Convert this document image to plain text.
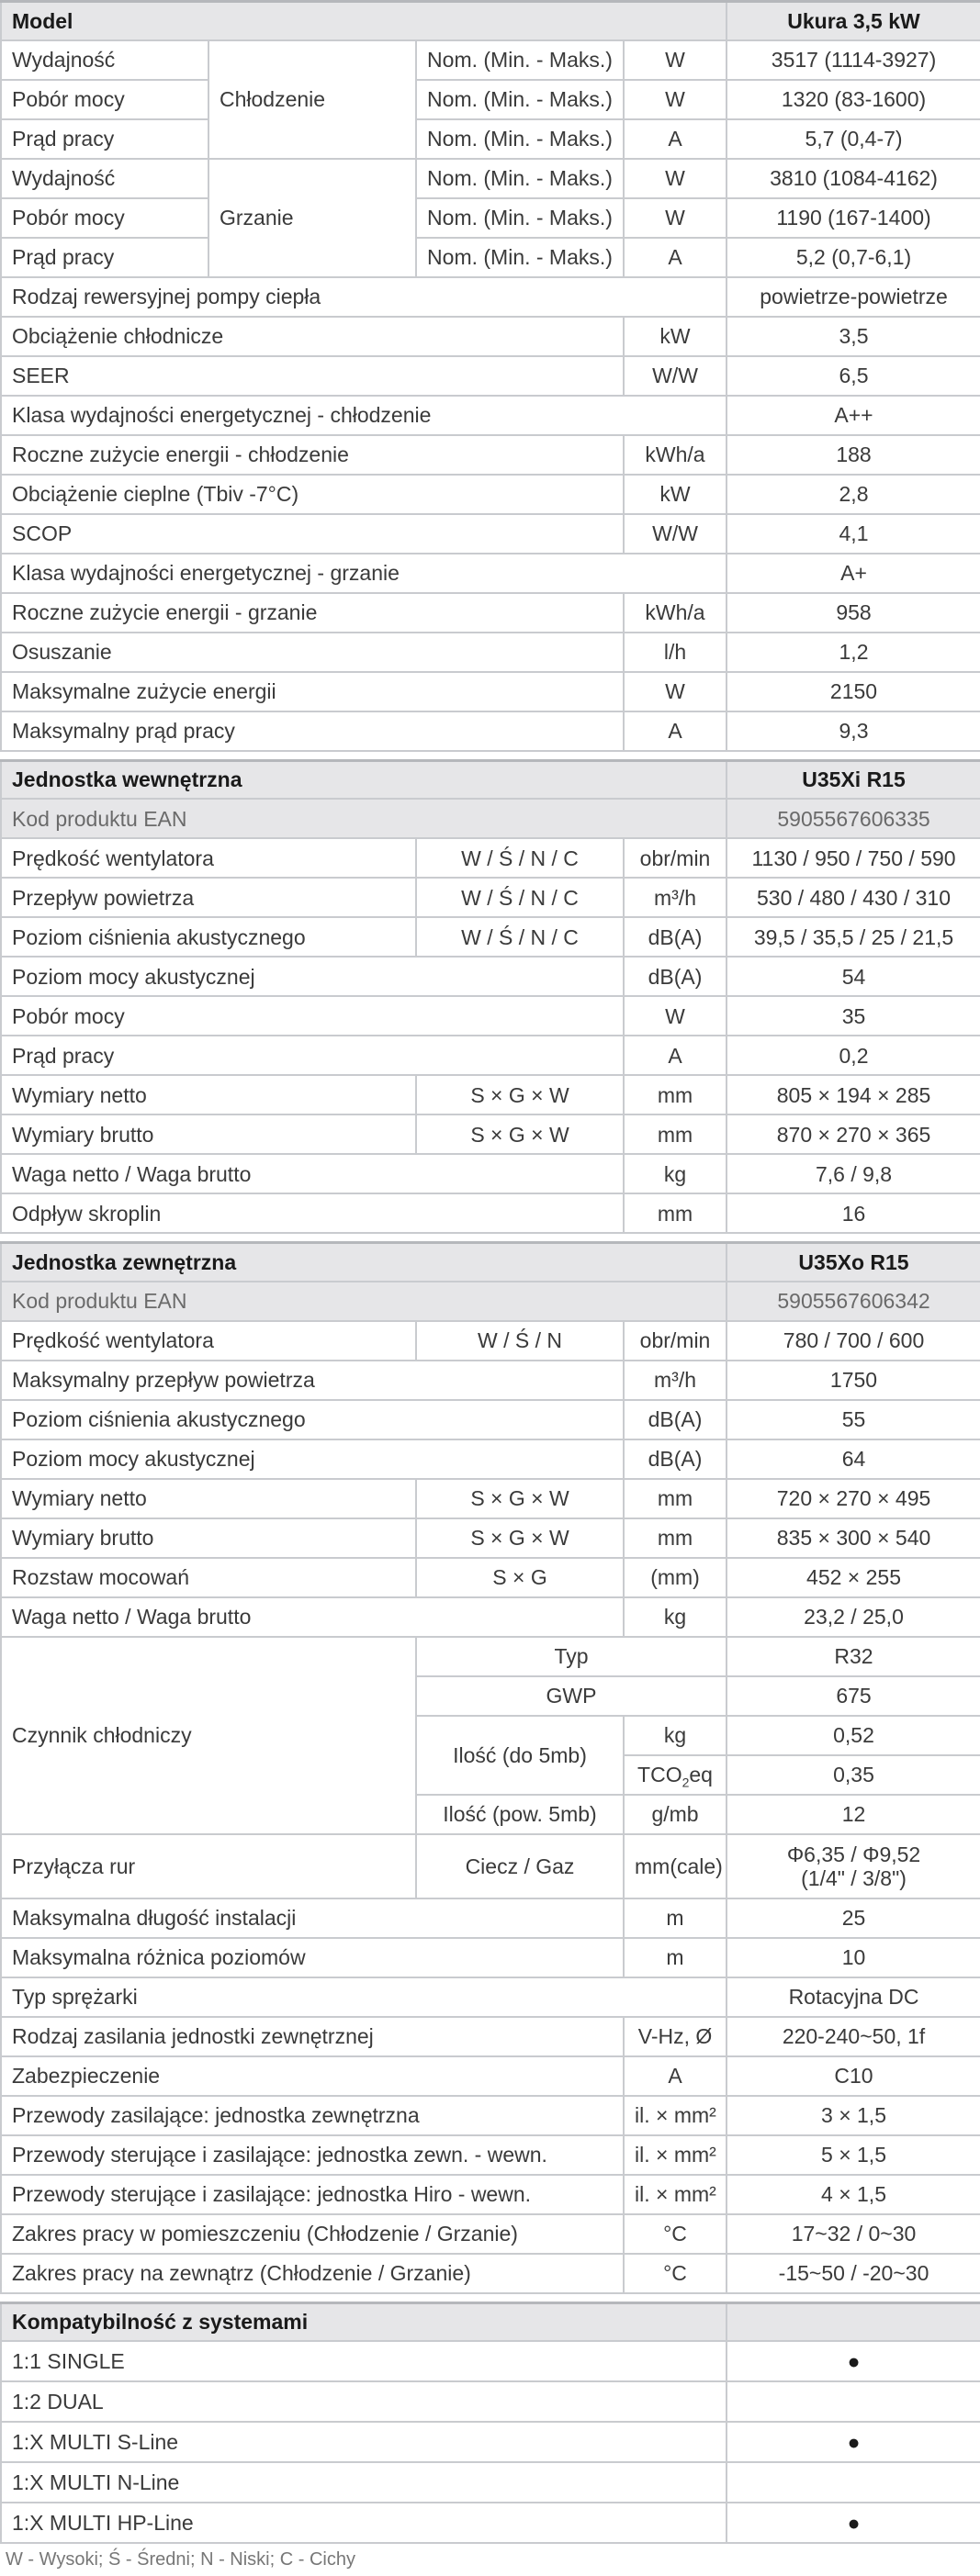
Model				Ukura 3,5 kW
Wydajność	Chłodzenie	Nom. (Min. - Maks.)	W	3517 (1114-3927)
Pobór mocy		Nom. (Min. - Maks.)	W	1320 (83-1600)
Prąd pracy		Nom. (Min. - Maks.)	A	5,7 (0,4-7)
Wydajność	Grzanie	Nom. (Min. - Maks.)	W	3810 (1084-4162)
Pobór mocy		Nom. (Min. - Maks.)	W	1190 (167-1400)
Prąd pracy		Nom. (Min. - Maks.)	A	5,2 (0,7-6,1)
Rodzaj rewersyjnej pompy ciepła				powietrze-powietrze
Obciążenie chłodnicze			kW	3,5
SEER			W/W	6,5
Klasa wydajności energetycznej - chłodzenie				A++
Roczne zużycie energii - chłodzenie			kWh/a	188
Obciążenie cieplne (Tbiv -7°C)			kW	2,8
SCOP			W/W	4,1
Klasa wydajności energetycznej - grzanie				A+
Roczne zużycie energii - grzanie			kWh/a	958
Osuszanie			l/h	1,2
Maksymalne zużycie energii			W	2150
Maksymalny prąd pracy			A	9,3

Jednostka wewnętrzna				U35Xi R15
Kod produktu EAN				5905567606335
Prędkość wentylatora		W / Ś / N / C	obr/min	1130 / 950 / 750 / 590
Przepływ powietrza		W / Ś / N / C	m³/h	530 / 480 / 430 / 310
Poziom ciśnienia akustycznego		W / Ś / N / C	dB(A)	39,5 / 35,5 / 25 / 21,5
Poziom mocy akustycznej			dB(A)	54
Pobór mocy			W	35
Prąd pracy			A	0,2
Wymiary netto		S × G × W	mm	805 × 194 × 285
Wymiary brutto		S × G × W	mm	870 × 270 × 365
Waga netto / Waga brutto			kg	7,6 / 9,8
Odpływ skroplin			mm	16

Jednostka zewnętrzna				U35Xo R15
Kod produktu EAN				5905567606342
Prędkość wentylatora		W / Ś / N	obr/min	780 / 700 / 600
Maksymalny przepływ powietrza			m³/h	1750
Poziom ciśnienia akustycznego			dB(A)	55
Poziom mocy akustycznej			dB(A)	64
Wymiary netto		S × G × W	mm	720 × 270 × 495
Wymiary brutto		S × G × W	mm	835 × 300 × 540
Rozstaw mocowań		S × G	(mm)	452 × 255
Waga netto / Waga brutto			kg	23,2 / 25,0
Czynnik chłodniczy		Typ		R32
		GWP		675
		Ilość (do 5mb)	kg	0,52
			$TCO_2eq$	0,35
		Ilość (pow. 5mb)	g/mb	12
Przyłącza rur		Ciecz / Gaz	mm(cale)	Φ6,35 / Φ9,52
(1/4" / 3/8")
Maksymalna długość instalacji			m	25
Maksymalna różnica poziomów			m	10
Typ sprężarki				Rotacyjna DC
Rodzaj zasilania jednostki zewnętrznej			V-Hz, Ø	220-240~50, 1f
Zabezpieczenie			A	C10
Przewody zasilające: jednostka zewnętrzna			il. × mm²	3 × 1,5
Przewody sterujące i zasilające: jednostka zewn. - wewn.			il. × mm²	5 × 1,5
Przewody sterujące i zasilające: jednostka Hiro - wewn.			il. × mm²	4 × 1,5
Zakres pracy w pomieszczeniu (Chłodzenie / Grzanie)			°C	17~32 / 0~30
Zakres pracy na zewnątrz (Chłodzenie / Grzanie)			°C	-15~50 / -20~30

Kompatybilność z systemami				
1:1 SINGLE				●
1:2 DUAL				
1:X MULTI S-Line				●
1:X MULTI N-Line				
1:X MULTI HP-Line				●
W - Wysoki; Ś - Średni; N - Niski; C - Cichy
